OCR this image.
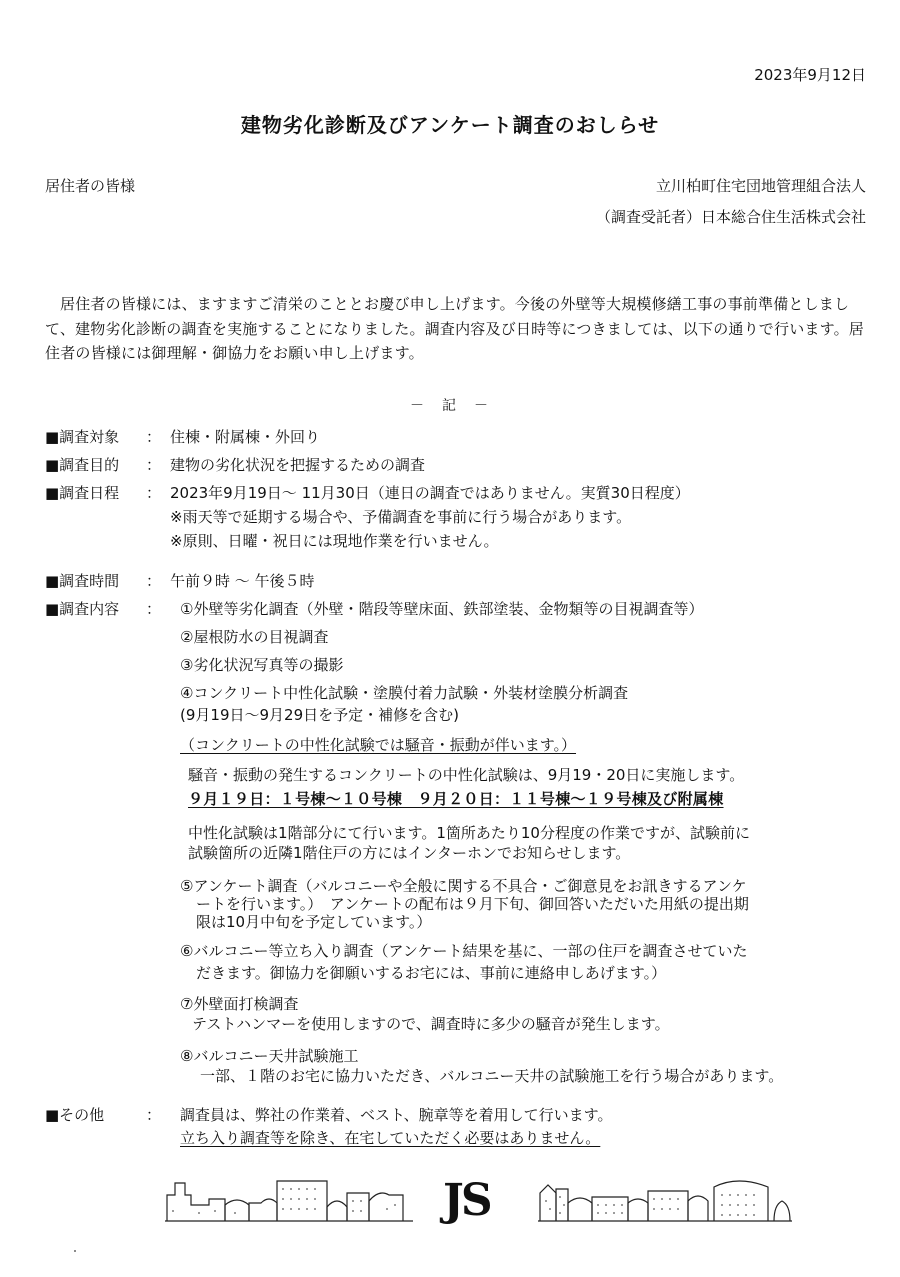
2023年9月12日
建物劣化診断及びアンケート調査のおしらせ
居住者の皆様	立川柏町住宅団地管理組合法人
（調査受託者）日本総合住生活株式会社
居住者の皆様には、ますますご清栄のこととお慶び申し上げます。今後の外壁等大規模修繕工事の事前準備としまして、建物劣化診断の調査を実施することになりました。調査内容及び日時等につきましては、以下の通りで行います。居住者の皆様には御理解・御協力をお願い申し上げます。
－　記　－
■調査対象 ： 住棟・附属棟・外回り
■調査目的 ： 建物の劣化状況を把握するための調査
■調査日程 ： 2023年9月19日～ 11月30日（連日の調査ではありません。実質30日程度）
※雨天等で延期する場合や、予備調査を事前に行う場合があります。
※原則、日曜・祝日には現地作業を行いません。
■調査時間 ： 午前９時 ～ 午後５時
■調査内容 ： ①外壁等劣化調査（外壁・階段等壁床面、鉄部塗装、金物類等の目視調査等）
②屋根防水の目視調査
③劣化状況写真等の撮影
④コンクリート中性化試験・塗膜付着力試験・外装材塗膜分析調査
(9月19日～9月29日を予定・補修を含む)
（コンクリートの中性化試験では騒音・振動が伴います。）
騒音・振動の発生するコンクリートの中性化試験は、9月19・20日に実施します。
９月１９日：１号棟～１０号棟　９月２０日：１１号棟～１９号棟及び附属棟
中性化試験は1階部分にて行います。1箇所あたり10分程度の作業ですが、試験前に
試験箇所の近隣1階住戸の方にはインターホンでお知らせします。
⑤アンケート調査（バルコニーや全般に関する不具合・ご御意見をお訊きするアンケ
ートを行います。）　アンケートの配布は９月下旬、御回答いただいた用紙の提出期
限は10月中旬を予定しています。）
⑥バルコニー等立ち入り調査（アンケート結果を基に、一部の住戸を調査させていた
だきます。御協力を御願いするお宅には、事前に連絡申しあげます。）
⑦外壁面打検調査
テストハンマーを使用しますので、調査時に多少の騒音が発生します。
⑧バルコニー天井試験施工
一部、１階のお宅に協力いただき、バルコニー天井の試験施工を行う場合があります。
■その他	： 調査員は、弊社の作業着、ベスト、腕章等を着用して行います。
立ち入り調査等を除き、在宅していただく必要はありません。
JS
